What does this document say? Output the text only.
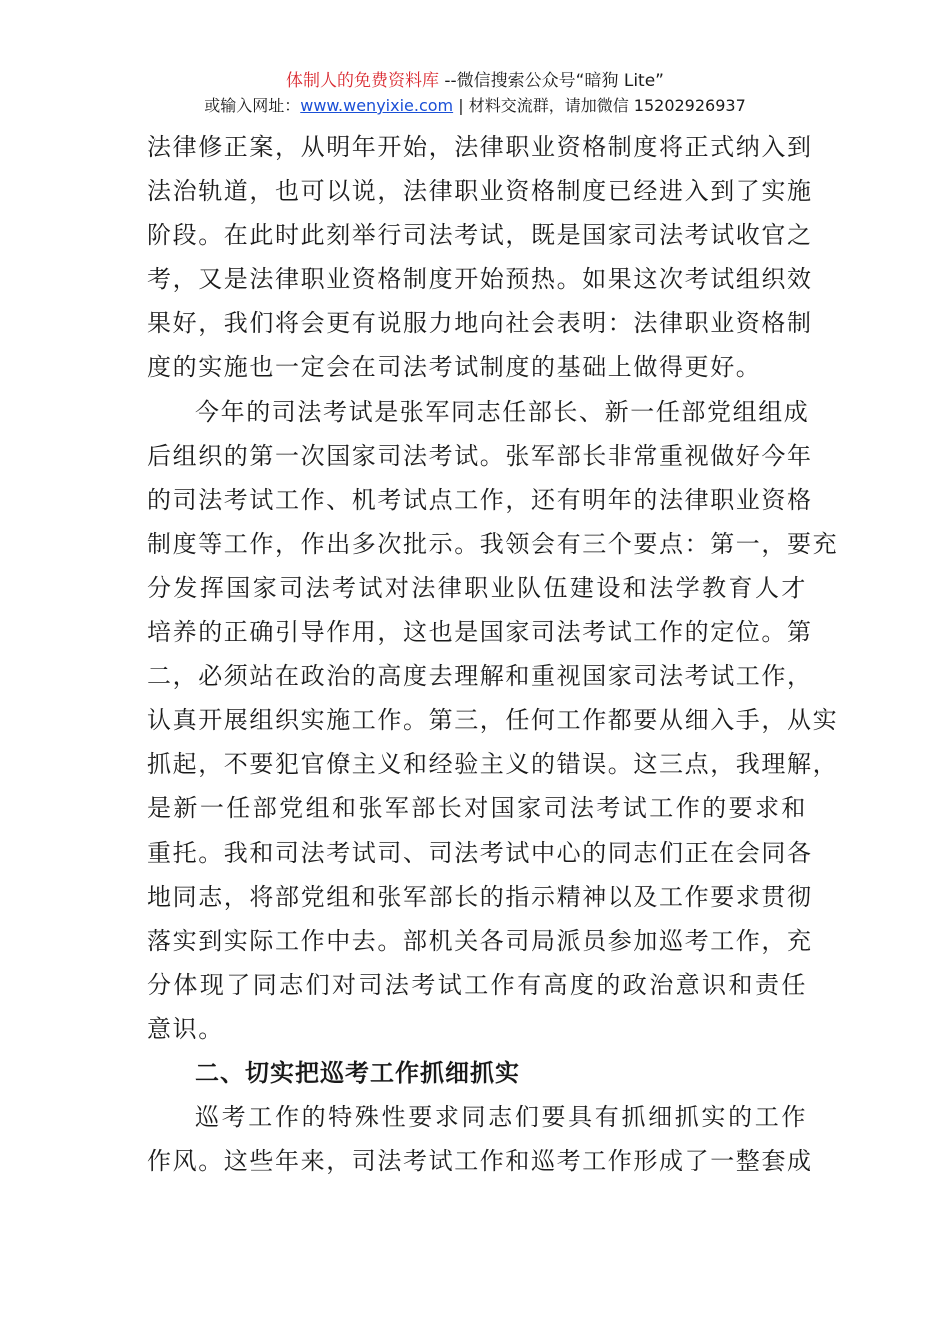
体制人的免费资料库 --微信搜索公众号“暗狗 Lite”
或输入网址：www.wenyixie.com | 材料交流群，请加微信 15202926937
法律修正案，从明年开始，法律职业资格制度将正式纳入到
法治轨道，也可以说，法律职业资格制度已经进入到了实施
阶段。在此时此刻举行司法考试，既是国家司法考试收官之
考，又是法律职业资格制度开始预热。如果这次考试组织效
果好，我们将会更有说服力地向社会表明：法律职业资格制
度的实施也一定会在司法考试制度的基础上做得更好。
今年的司法考试是张军同志任部长、新一任部党组组成
后组织的第一次国家司法考试。张军部长非常重视做好今年
的司法考试工作、机考试点工作，还有明年的法律职业资格
制度等工作，作出多次批示。我领会有三个要点：第一，要充
分发挥国家司法考试对法律职业队伍建设和法学教育人才
培养的正确引导作用，这也是国家司法考试工作的定位。第
二，必须站在政治的高度去理解和重视国家司法考试工作，
认真开展组织实施工作。第三，任何工作都要从细入手，从实
抓起，不要犯官僚主义和经验主义的错误。这三点，我理解，
是新一任部党组和张军部长对国家司法考试工作的要求和
重托。我和司法考试司、司法考试中心的同志们正在会同各
地同志，将部党组和张军部长的指示精神以及工作要求贯彻
落实到实际工作中去。部机关各司局派员参加巡考工作，充
分体现了同志们对司法考试工作有高度的政治意识和责任
意识。
二、切实把巡考工作抓细抓实
巡考工作的特殊性要求同志们要具有抓细抓实的工作
作风。这些年来，司法考试工作和巡考工作形成了一整套成
